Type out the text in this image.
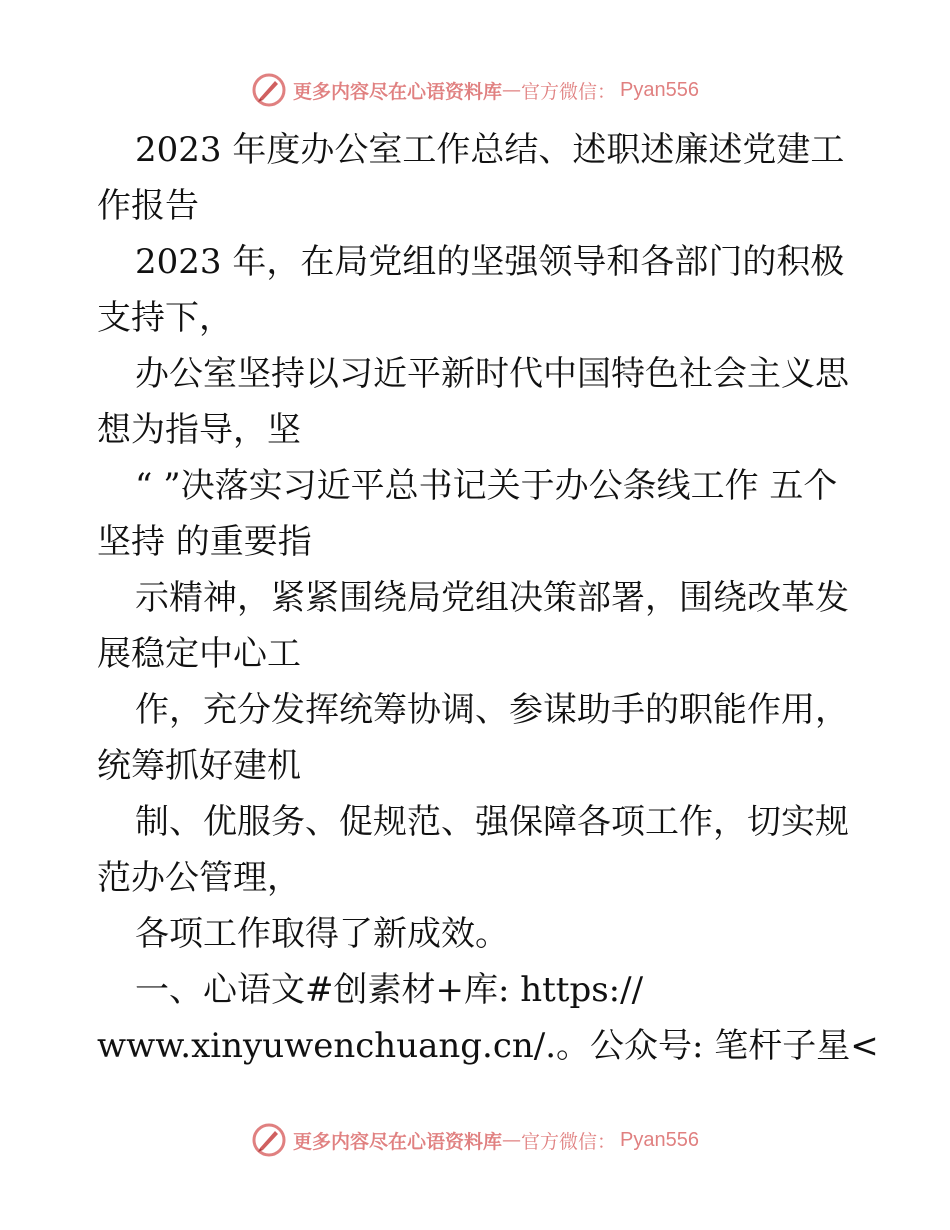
更多内容尽在心语资料库 — 官方微信： Pyan556

2023 年度办公室工作总结、述职述廉述党建工作报告

2023 年，在局党组的坚强领导和各部门的积极支持下，

办公室坚持以习近平新时代中国特色社会主义思想为指导，坚

“ ”决落实习近平总书记关于办公条线工作 五个坚持 的重要指

示精神，紧紧围绕局党组决策部署，围绕改革发展稳定中心工

作，充分发挥统筹协调、参谋助手的职能作用，统筹抓好建机

制、优服务、促规范、强保障各项工作，切实规范办公管理，

各项工作取得了新成效。

一、心语文#创素材+库: https://

www.xinyuwenchuang.cn/.。公众号: 笔杆子星<

更多内容尽在心语资料库 — 官方微信： Pyan556
